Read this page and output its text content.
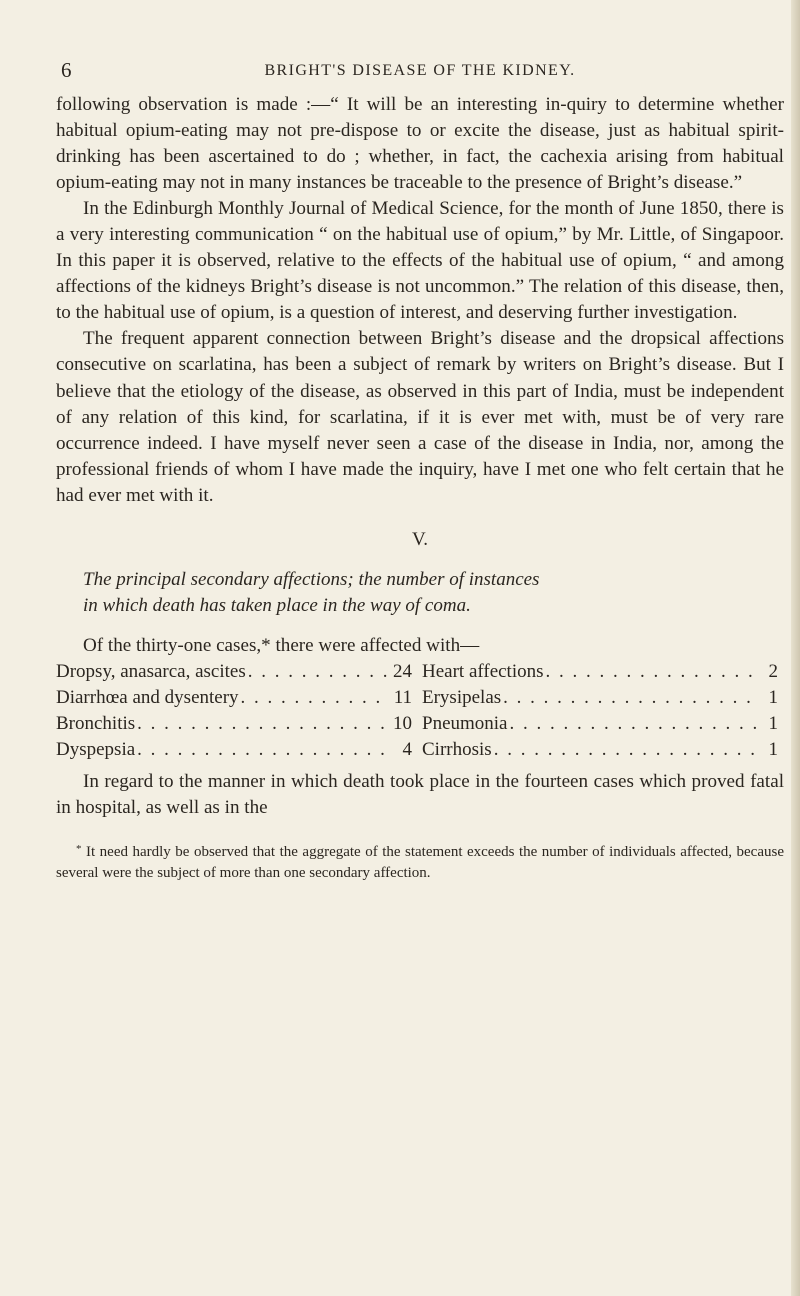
6	BRIGHT'S DISEASE OF THE KIDNEY.

following observation is made :—“ It will be an interesting in-quiry to determine whether habitual opium-eating may not pre-dispose to or excite the disease, just as habitual spirit-drinking has been ascertained to do ; whether, in fact, the cachexia arising from habitual opium-eating may not in many instances be traceable to the presence of Bright’s disease.”

In the Edinburgh Monthly Journal of Medical Science, for the month of June 1850, there is a very interesting communication “ on the habitual use of opium,” by Mr. Little, of Singapoor. In this paper it is observed, relative to the effects of the habitual use of opium, “ and among affections of the kidneys Bright’s disease is not uncommon.” The relation of this disease, then, to the habitual use of opium, is a question of interest, and deserving further investigation.

The frequent apparent connection between Bright’s disease and the dropsical affections consecutive on scarlatina, has been a subject of remark by writers on Bright’s disease. But I believe that the etiology of the disease, as observed in this part of India, must be independent of any relation of this kind, for scarlatina, if it is ever met with, must be of very rare occurrence indeed. I have myself never seen a case of the disease in India, nor, among the professional friends of whom I have made the inquiry, have I met one who felt certain that he had ever met with it.

V.
The principal secondary affections; the number of instances
in which death has taken place in the way of coma.
Of the thirty-one cases,* there were affected with—
Dropsy, anasarca, ascites . . .	24 Heart affections . . .	2
Diarrhœa and dysentery . . .	11 Erysipelas . . .	1
Bronchitis . . .	10 Pneumonia . . .	1
Dyspepsia . . .	4 Cirrhosis . . .	1

In regard to the manner in which death took place in the fourteen cases which proved fatal in hospital, as well as in the

* It need hardly be observed that the aggregate of the statement exceeds the number of individuals affected, because several were the subject of more than one secondary affection.
